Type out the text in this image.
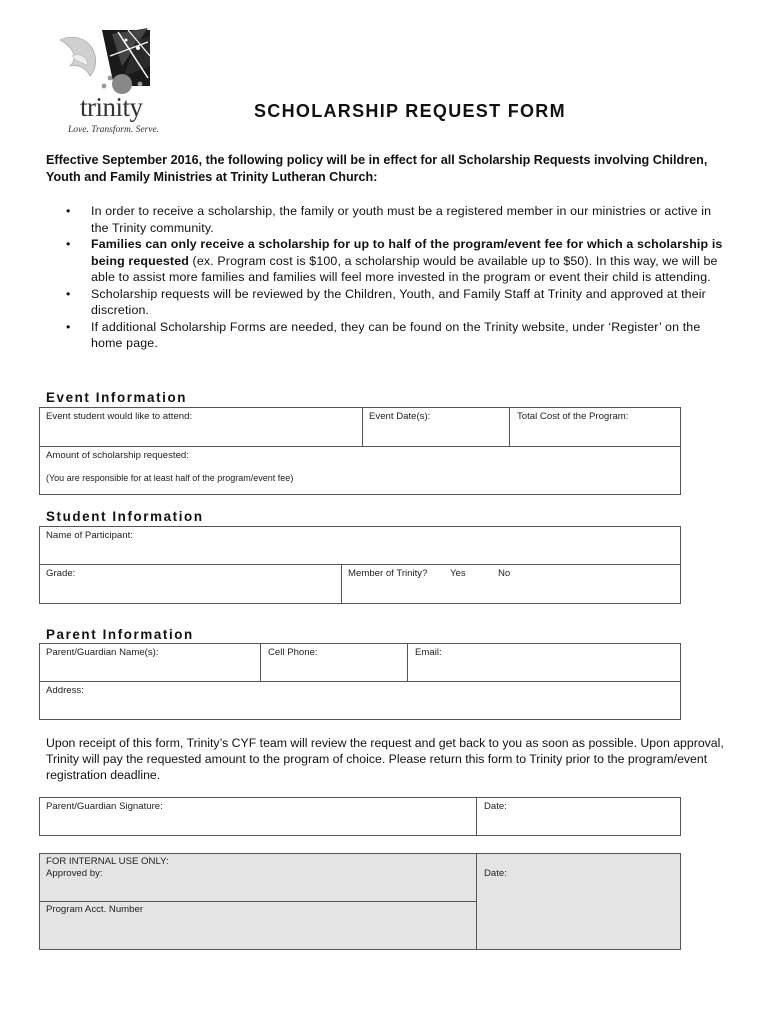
trinity
Love. Transform. Serve.
SCHOLARSHIP REQUEST FORM
Effective September 2016, the following policy will be in effect for all Scholarship Requests involving Children, Youth and Family Ministries at Trinity Lutheran Church:
• In order to receive a scholarship, the family or youth must be a registered member in our ministries or active in the Trinity community.
• Families can only receive a scholarship for up to half of the program/event fee for which a scholarship is being requested (ex. Program cost is $100, a scholarship would be available up to $50). In this way, we will be able to assist more families and families will feel more invested in the program or event their child is attending.
• Scholarship requests will be reviewed by the Children, Youth, and Family Staff at Trinity and approved at their discretion.
• If additional Scholarship Forms are needed, they can be found on the Trinity website, under ‘Register’ on the home page.
Event Information
Event student would like to attend:	Event Date(s):	Total Cost of the Program:
Amount of scholarship requested:
(You are responsible for at least half of the program/event fee)
Student Information
Name of Participant:
Grade:	Member of Trinity? Yes	No
Parent Information
Parent/Guardian Name(s):	Cell Phone:	Email:
Address:
Upon receipt of this form, Trinity’s CYF team will review the request and get back to you as soon as possible. Upon approval, Trinity will pay the requested amount to the program of choice. Please return this form to Trinity prior to the program/event registration deadline.
Parent/Guardian Signature:	Date:
FOR INTERNAL USE ONLY:
Approved by:	Date:
Program Acct. Number
